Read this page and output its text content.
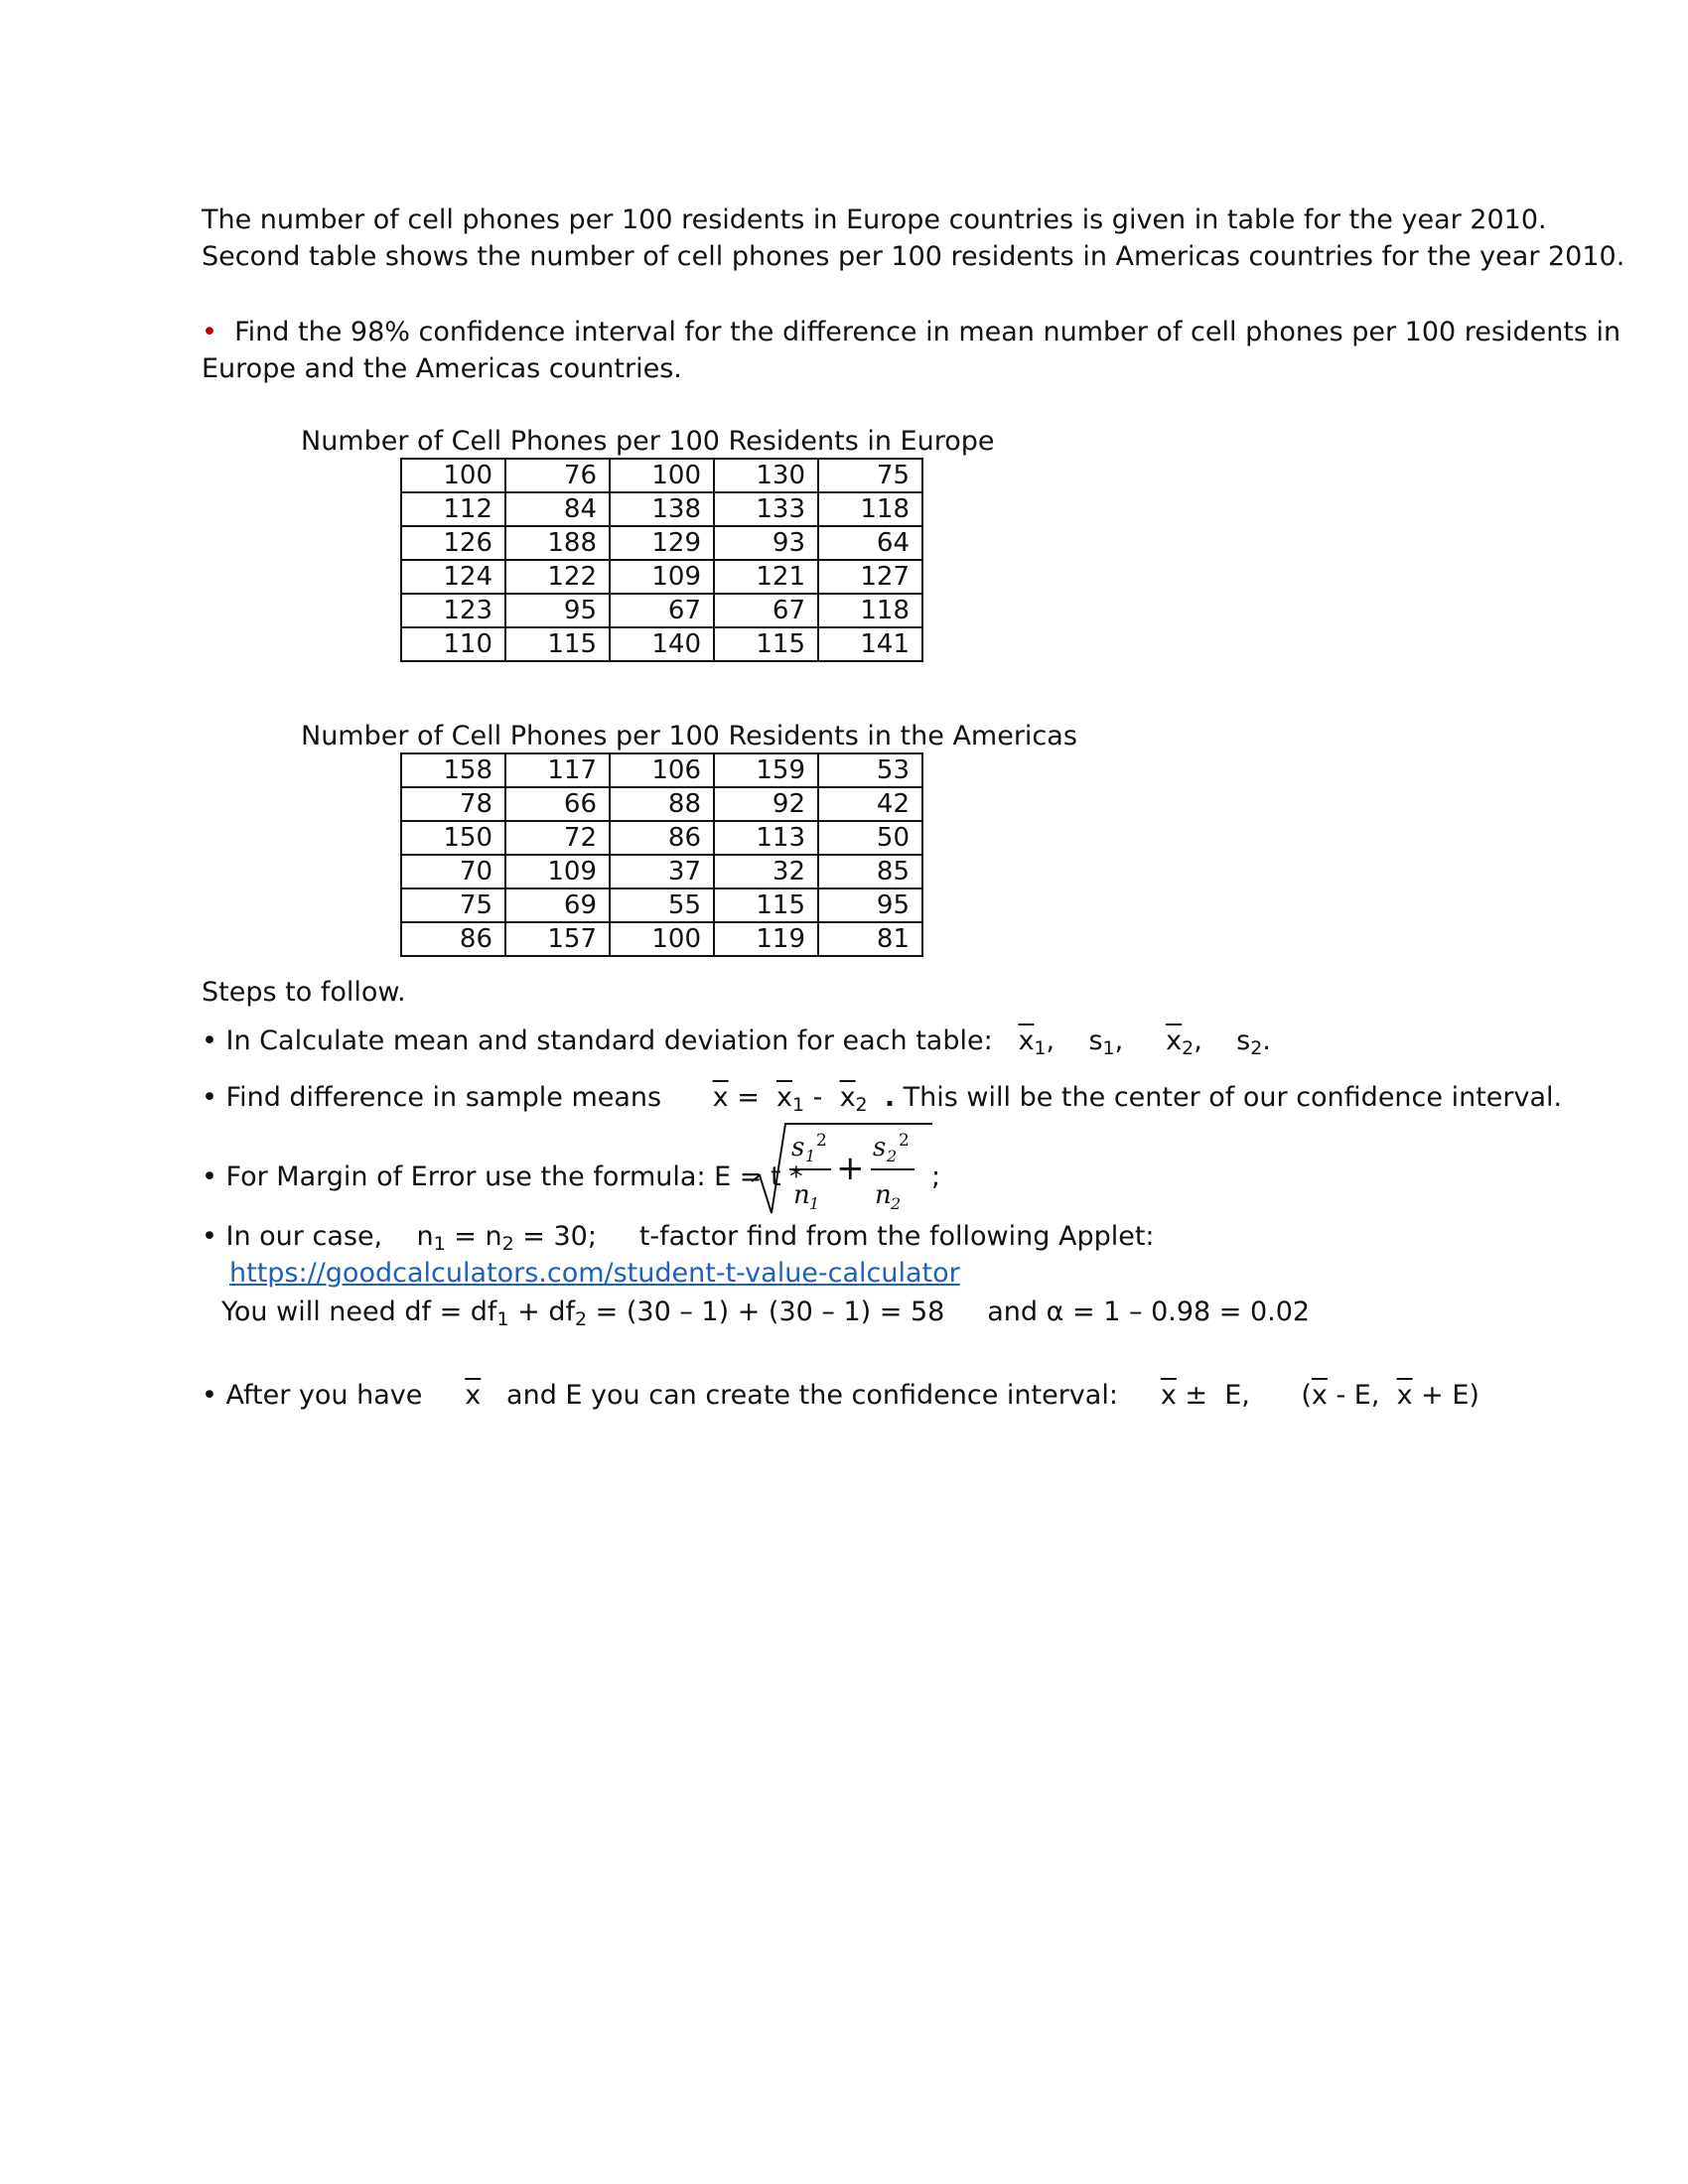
The number of cell phones per 100 residents in Europe countries is given in table for the year 2010.
Second table shows the number of cell phones per 100 residents in Americas countries for the year 2010.
• Find the 98% confidence interval for the difference in mean number of cell phones per 100 residents in
Europe and the Americas countries.
Number of Cell Phones per 100 Residents in Europe
100	76	100	130	75
112	84	138	133	118
126	188	129	93	64
124	122	109	121	127
123	95	67	67	118
110	115	140	115	141
Number of Cell Phones per 100 Residents in the Americas
158	117	106	159	53
78	66	88	92	42
150	72	86	113	50
70	109	37	32	85
75	69	55	115	95
86	157	100	119	81
Steps to follow.
• In Calculate mean and standard deviation for each table: $\overline{x}_1$,    $s_1$,     $\overline{x}_2$,    $s_2$.
• Find difference in sample means $\overline{x} = \overline{x}_1 - \overline{x}_2$ . This will be the center of our confidence interval.
• For Margin of Error use the formula: E = t *
s 1
2
n 1
+
s 2
2
n 2
;
• In our case,    $n_1 = n_2 = 30$;     t-factor find from the following Applet:
https://goodcalculators.com/student-t-value-calculator
You will need df = $df_1 + df_2 = (30 - 1) + (30 - 1) = 58$ and α = 1 – 0.98 = 0.02
• After you have $\overline{x}$ and E you can create the confidence interval: $\overline{x} \pm E$,      ($\overline{x}$ - E,  $\overline{x} + E$)
